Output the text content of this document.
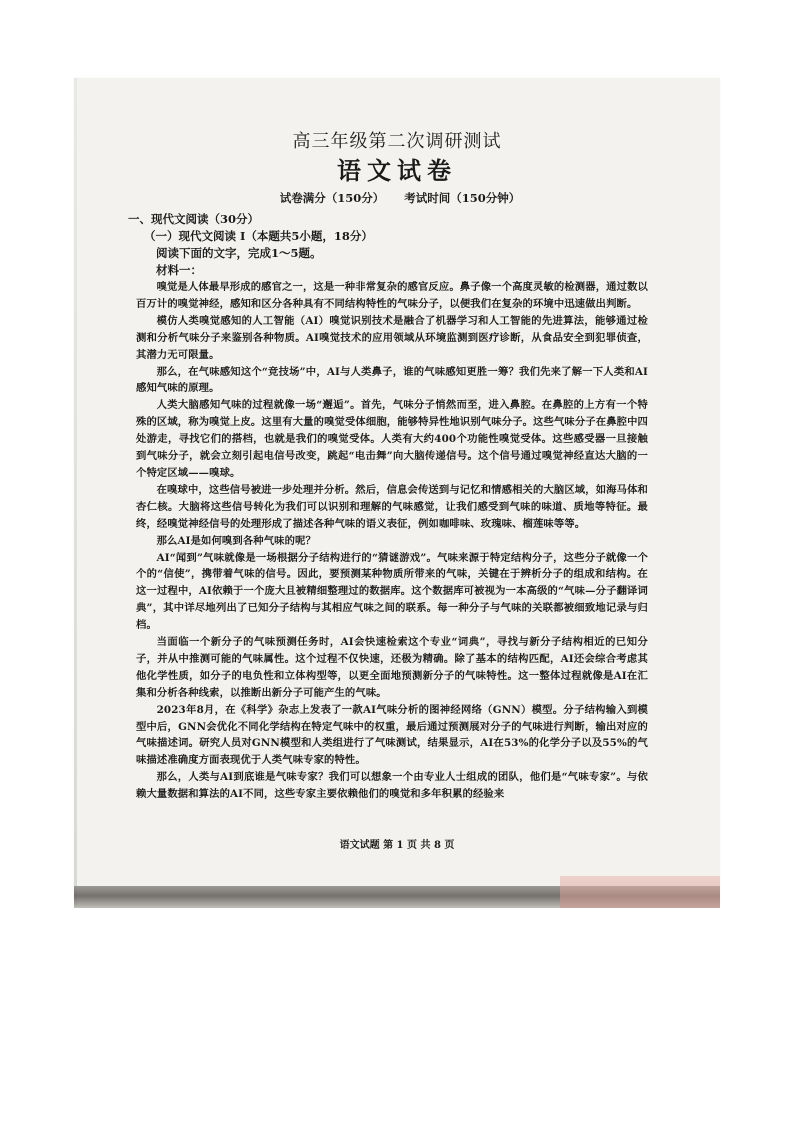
高三年级第二次调研测试
语文试卷
试卷满分（150分） 考试时间（150分钟）
一、现代文阅读（30分）
（一）现代文阅读 I（本题共5小题，18分）
阅读下面的文字，完成1～5题。
材料一：

嗅觉是人体最早形成的感官之一，这是一种非常复杂的感官反应。鼻子像一个高度灵敏的检测器，通过数以百万计的嗅觉神经，感知和区分各种具有不同结构特性的气味分子，以便我们在复杂的环境中迅速做出判断。

模仿人类嗅觉感知的人工智能（AI）嗅觉识别技术是融合了机器学习和人工智能的先进算法，能够通过检测和分析气味分子来鉴别各种物质。AI嗅觉技术的应用领域从环境监测到医疗诊断，从食品安全到犯罪侦查，其潜力无可限量。

那么，在气味感知这个“竞技场”中，AI与人类鼻子，谁的气味感知更胜一筹？我们先来了解一下人类和AI感知气味的原理。

人类大脑感知气味的过程就像一场“邂逅”。首先，气味分子悄然而至，进入鼻腔。在鼻腔的上方有一个特殊的区域，称为嗅觉上皮。这里有大量的嗅觉受体细胞，能够特异性地识别气味分子。这些气味分子在鼻腔中四处游走，寻找它们的搭档，也就是我们的嗅觉受体。人类有大约400个功能性嗅觉受体。这些感受器一旦接触到气味分子，就会立刻引起电信号改变，跳起“电击舞”向大脑传递信号。这个信号通过嗅觉神经直达大脑的一个特定区域——嗅球。

在嗅球中，这些信号被进一步处理并分析。然后，信息会传送到与记忆和情感相关的大脑区域，如海马体和杏仁核。大脑将这些信号转化为我们可以识别和理解的气味感觉，让我们感受到气味的味道、质地等特征。最终，经嗅觉神经信号的处理形成了描述各种气味的语义表征，例如咖啡味、玫瑰味、榴莲味等等。

那么AI是如何嗅到各种气味的呢？

AI“闻到”气味就像是一场根据分子结构进行的“猜谜游戏”。气味来源于特定结构分子，这些分子就像一个个的“信使”，携带着气味的信号。因此，要预测某种物质所带来的气味，关键在于辨析分子的组成和结构。在这一过程中，AI依赖于一个庞大且被精细整理过的数据库。这个数据库可被视为一本高级的“气味—分子翻译词典”，其中详尽地列出了已知分子结构与其相应气味之间的联系。每一种分子与气味的关联都被细致地记录与归档。

当面临一个新分子的气味预测任务时，AI会快速检索这个专业“词典”，寻找与新分子结构相近的已知分子，并从中推测可能的气味属性。这个过程不仅快速，还极为精确。除了基本的结构匹配，AI还会综合考虑其他化学性质，如分子的电负性和立体构型等，以更全面地预测新分子的气味特性。这一整体过程就像是AI在汇集和分析各种线索，以推断出新分子可能产生的气味。

2023年8月，在《科学》杂志上发表了一款AI气味分析的图神经网络（GNN）模型。分子结构输入到模型中后，GNN会优化不同化学结构在特定气味中的权重，最后通过预测展对分子的气味进行判断，输出对应的气味描述词。研究人员对GNN模型和人类组进行了气味测试，结果显示，AI在53%的化学分子以及55%的气味描述准确度方面表现优于人类气味专家的特性。

那么，人类与AI到底谁是气味专家？我们可以想象一个由专业人士组成的团队，他们是“气味专家”。与依赖大量数据和算法的AI不同，这些专家主要依赖他们的嗅觉和多年积累的经验来

语文试题 第 1 页 共 8 页
